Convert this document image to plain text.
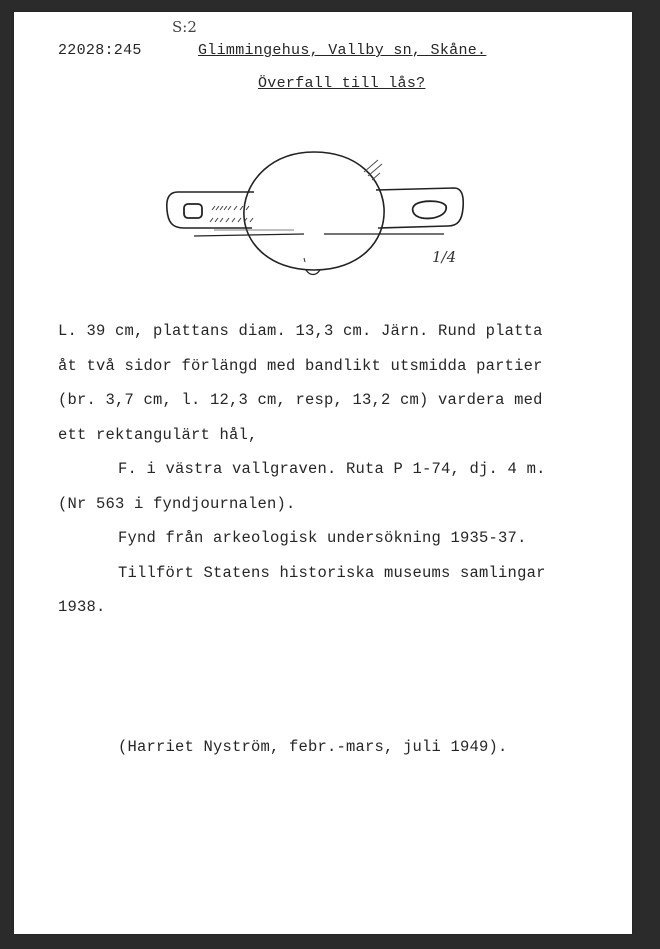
S:2
22028:245	Glimmingehus, Vallby sn, Skåne.
Överfall till lås?
1/4
L. 39 cm, plattans diam. 13,3 cm. Järn. Rund platta
åt två sidor förlängd med bandlikt utsmidda partier
(br. 3,7 cm, l. 12,3 cm, resp, 13,2 cm) vardera med
ett rektangulärt hål,
F. i västra vallgraven. Ruta P 1-74, dj. 4 m.
(Nr 563 i fyndjournalen).
Fynd från arkeologisk undersökning 1935-37.
Tillfört Statens historiska museums samlingar
1938.
(Harriet Nyström, febr.-mars, juli 1949).
